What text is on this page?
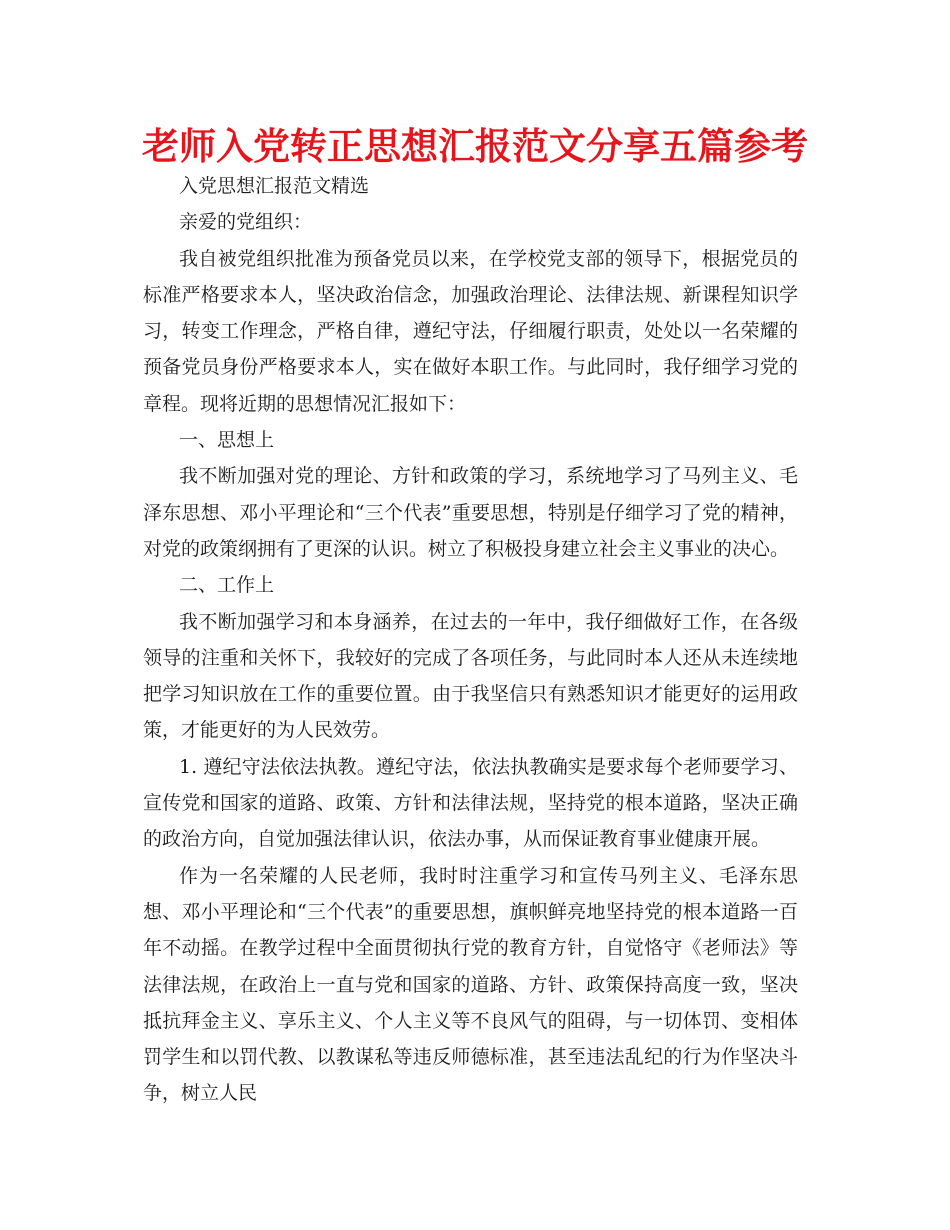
老师入党转正思想汇报范文分享五篇参考

入党思想汇报范文精选

亲爱的党组织：

我自被党组织批准为预备党员以来，在学校党支部的领导下，根据党员的标准严格要求本人，坚决政治信念，加强政治理论、法律法规、新课程知识学习，转变工作理念，严格自律，遵纪守法，仔细履行职责，处处以一名荣耀的预备党员身份严格要求本人，实在做好本职工作。与此同时，我仔细学习党的章程。现将近期的思想情况汇报如下：

一、思想上

我不断加强对党的理论、方针和政策的学习，系统地学习了马列主义、毛泽东思想、邓小平理论和“三个代表”重要思想，特别是仔细学习了党的精神，对党的政策纲拥有了更深的认识。树立了积极投身建立社会主义事业的决心。

二、工作上

我不断加强学习和本身涵养，在过去的一年中，我仔细做好工作，在各级领导的注重和关怀下，我较好的完成了各项任务，与此同时本人还从未连续地把学习知识放在工作的重要位置。由于我坚信只有熟悉知识才能更好的运用政策，才能更好的为人民效劳。

1. 遵纪守法依法执教。遵纪守法，依法执教确实是要求每个老师要学习、宣传党和国家的道路、政策、方针和法律法规，坚持党的根本道路，坚决正确的政治方向，自觉加强法律认识，依法办事，从而保证教育事业健康开展。

作为一名荣耀的人民老师，我时时注重学习和宣传马列主义、毛泽东思想、邓小平理论和“三个代表”的重要思想，旗帜鲜亮地坚持党的根本道路一百年不动摇。在教学过程中全面贯彻执行党的教育方针，自觉恪守《老师法》等法律法规，在政治上一直与党和国家的道路、方针、政策保持高度一致，坚决抵抗拜金主义、享乐主义、个人主义等不良风气的阻碍，与一切体罚、变相体罚学生和以罚代教、以教谋私等违反师德标准，甚至违法乱纪的行为作坚决斗争，树立人民
